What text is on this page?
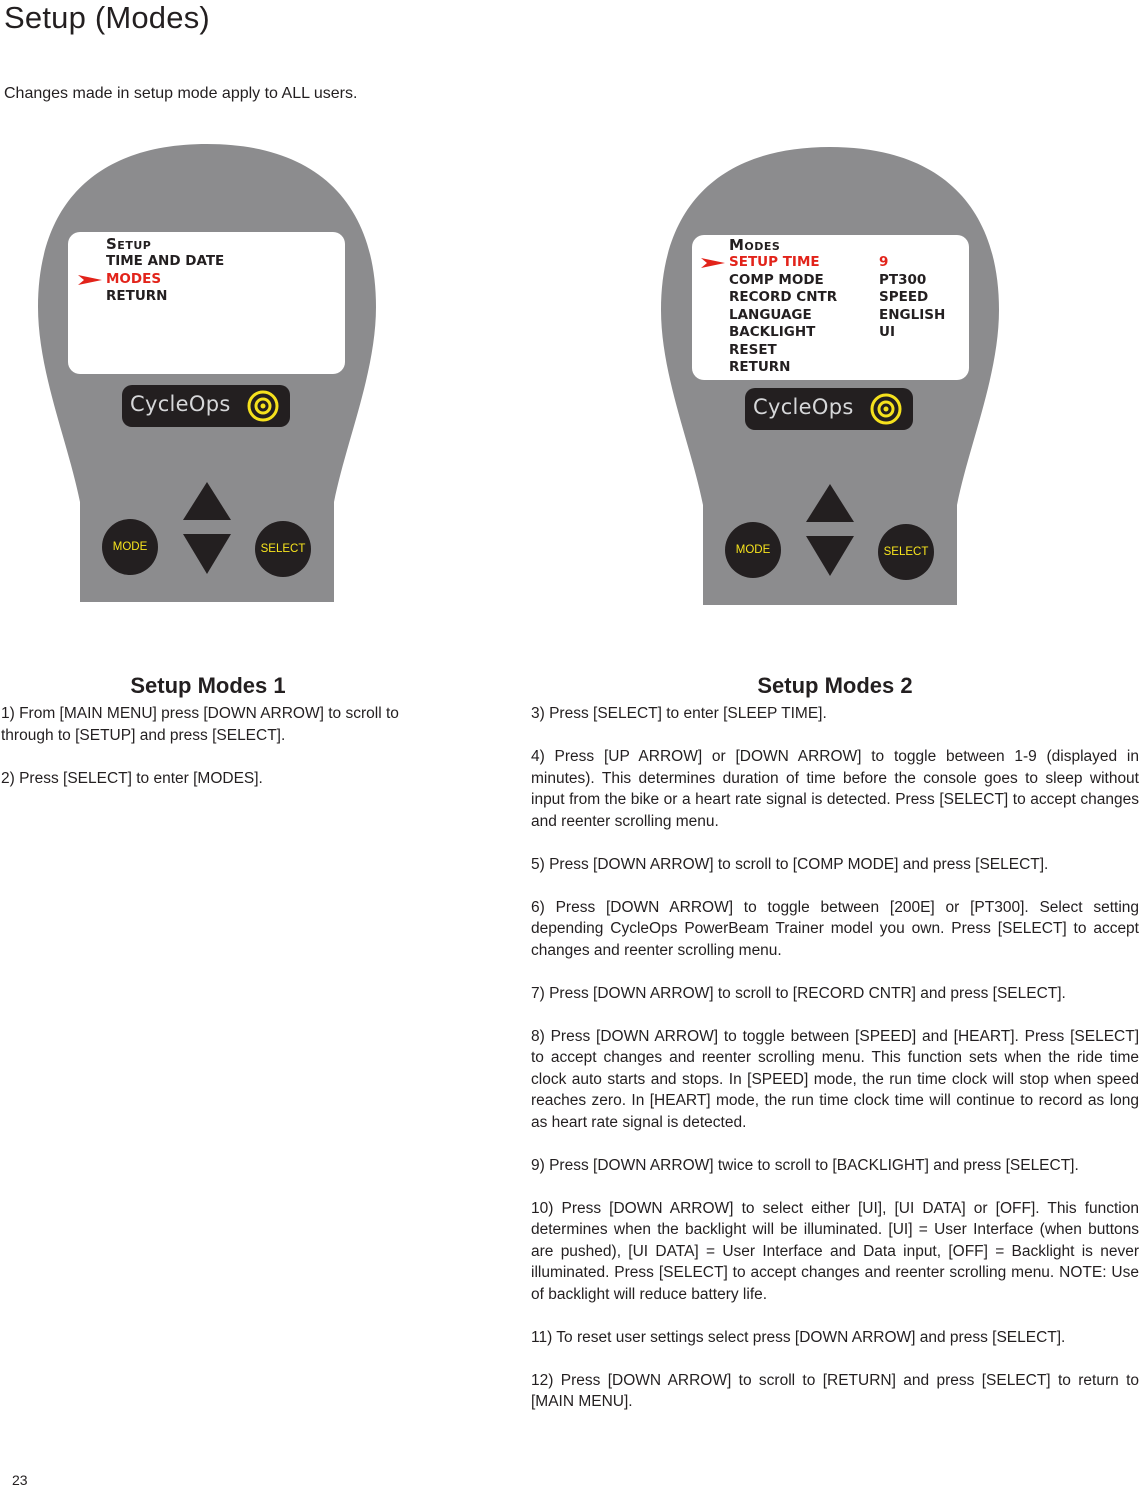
Setup (Modes)
Changes made in setup mode apply to ALL users.
Setup
TIME AND DATE
MODES
RETURN
CycleOps
MODE	SELECT
Modes
SETUP TIME	9
COMP MODE	PT300
RECORD CNTR	SPEED
LANGUAGE	ENGLISH
BACKLIGHT	UI
RESET
RETURN
CycleOps
MODE	SELECT
Setup Modes 1

1) From [MAIN MENU] press [DOWN ARROW] to scroll to through to [SETUP] and press [SELECT].

2) Press [SELECT] to enter [MODES].

Setup Modes 2

3) Press [SELECT] to enter [SLEEP TIME].

4) Press [UP ARROW] or [DOWN ARROW] to toggle between 1-9 (displayed in minutes). This determines duration of time before the console goes to sleep without input from the bike or a heart rate signal is detected. Press [SELECT] to accept changes and reenter scrolling menu.

5) Press [DOWN ARROW] to scroll to [COMP MODE] and press [SELECT].

6) Press [DOWN ARROW] to toggle between [200E] or [PT300]. Select setting depending CycleOps PowerBeam Trainer model you own. Press [SELECT] to accept changes and reenter scrolling menu.

7) Press [DOWN ARROW] to scroll to [RECORD CNTR] and press [SELECT].

8) Press [DOWN ARROW] to toggle between [SPEED] and [HEART]. Press [SELECT] to accept changes and reenter scrolling menu. This function sets when the ride time clock auto starts and stops. In [SPEED] mode, the run time clock will stop when speed reaches zero. In [HEART] mode, the run time clock time will continue to record as long as heart rate signal is detected.

9) Press [DOWN ARROW] twice to scroll to [BACKLIGHT] and press [SELECT].

10) Press [DOWN ARROW] to select either [UI], [UI DATA] or [OFF]. This function determines when the backlight will be illuminated. [UI] = User Interface (when buttons are pushed), [UI DATA] = User Interface and Data input, [OFF] = Backlight is never illuminated. Press [SELECT] to accept changes and reenter scrolling menu. NOTE: Use of backlight will reduce battery life.

11) To reset user settings select press [DOWN ARROW] and press [SELECT].

12) Press [DOWN ARROW] to scroll to [RETURN] and press [SELECT] to return to [MAIN MENU].

23
